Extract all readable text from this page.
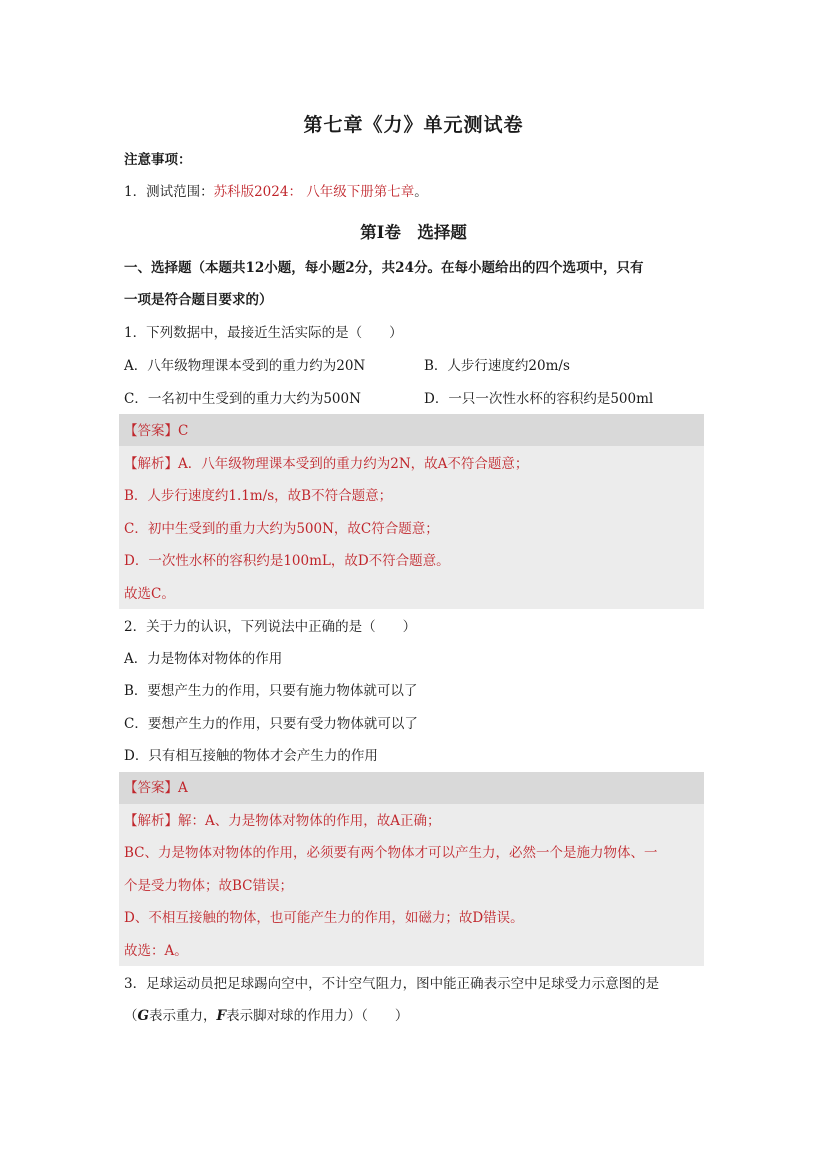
第七章《力》单元测试卷
注意事项：
1．测试范围：苏科版2024： 八年级下册第七章。
第Ⅰ卷　选择题
一、选择题（本题共12小题，每小题2分，共24分。在每小题给出的四个选项中，只有
一项是符合题目要求的）
1．下列数据中，最接近生活实际的是（　　）
A．八年级物理课本受到的重力约为20N	B．人步行速度约20m/s
C．一名初中生受到的重力大约为500N	D．一只一次性水杯的容积约是500ml
【答案】C
【解析】A．八年级物理课本受到的重力约为2N，故A不符合题意；
B．人步行速度约1.1m/s，故B不符合题意；
C．初中生受到的重力大约为500N，故C符合题意；
D．一次性水杯的容积约是100mL，故D不符合题意。
故选C。
2．关于力的认识，下列说法中正确的是（　　）
A．力是物体对物体的作用
B．要想产生力的作用，只要有施力物体就可以了
C．要想产生力的作用，只要有受力物体就可以了
D．只有相互接触的物体才会产生力的作用
【答案】A
【解析】解：A、力是物体对物体的作用，故A正确；
BC、力是物体对物体的作用，必须要有两个物体才可以产生力，必然一个是施力物体、一
个是受力物体；故BC错误；
D、不相互接触的物体，也可能产生力的作用，如磁力；故D错误。
故选：A。
3．足球运动员把足球踢向空中，不计空气阻力，图中能正确表示空中足球受力示意图的是
（G表示重力，F表示脚对球的作用力）（　　）
